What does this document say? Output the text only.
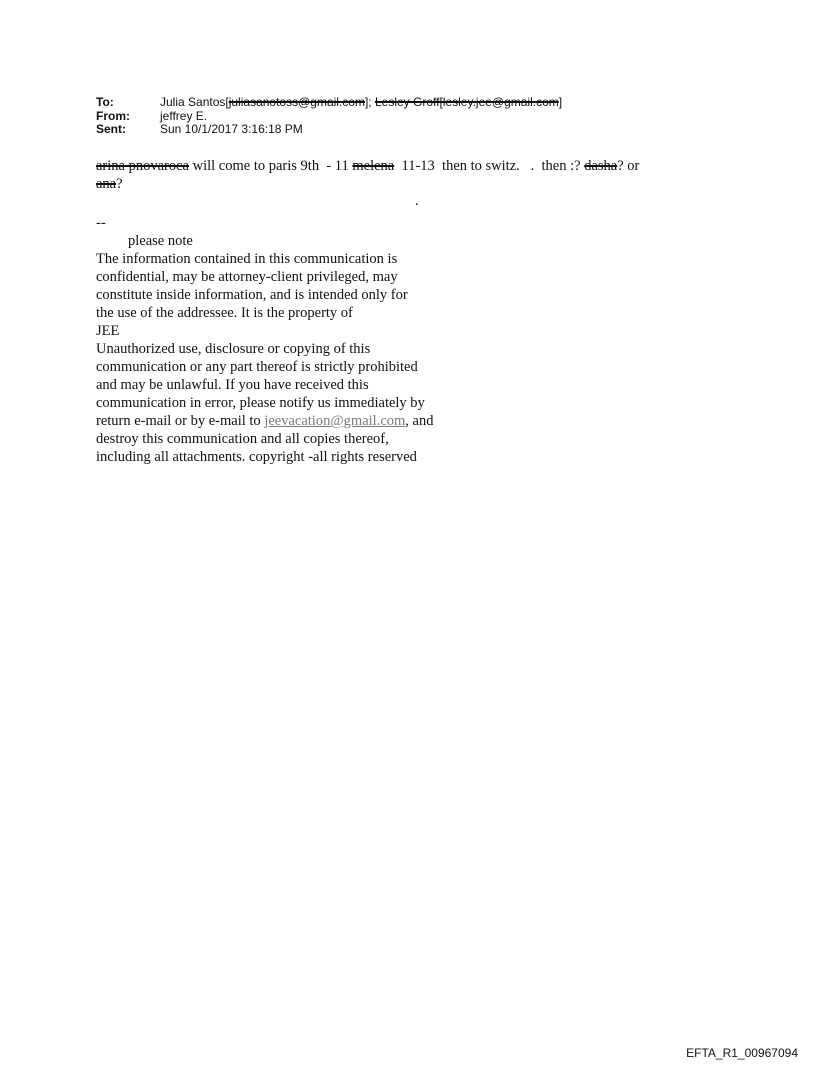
To:	Julia Santos[juliasanotoss@gmail.com]; Lesley Groff[lesley.jee@gmail.com]
From:	jeffrey E.
Sent:	Sun 10/1/2017 3:16:18 PM
arina pnovaroca will come to paris 9th  - 11 melena  11-13  then to switz.   .  then :? dasha? or
ana?
.
--
please note
The information contained in this communication is
confidential, may be attorney-client privileged, may
constitute inside information, and is intended only for
the use of the addressee. It is the property of
JEE
Unauthorized use, disclosure or copying of this
communication or any part thereof is strictly prohibited
and may be unlawful. If you have received this
communication in error, please notify us immediately by
return e-mail or by e-mail to jeevacation@gmail.com, and
destroy this communication and all copies thereof,
including all attachments. copyright -all rights reserved
EFTA_R1_00967094
